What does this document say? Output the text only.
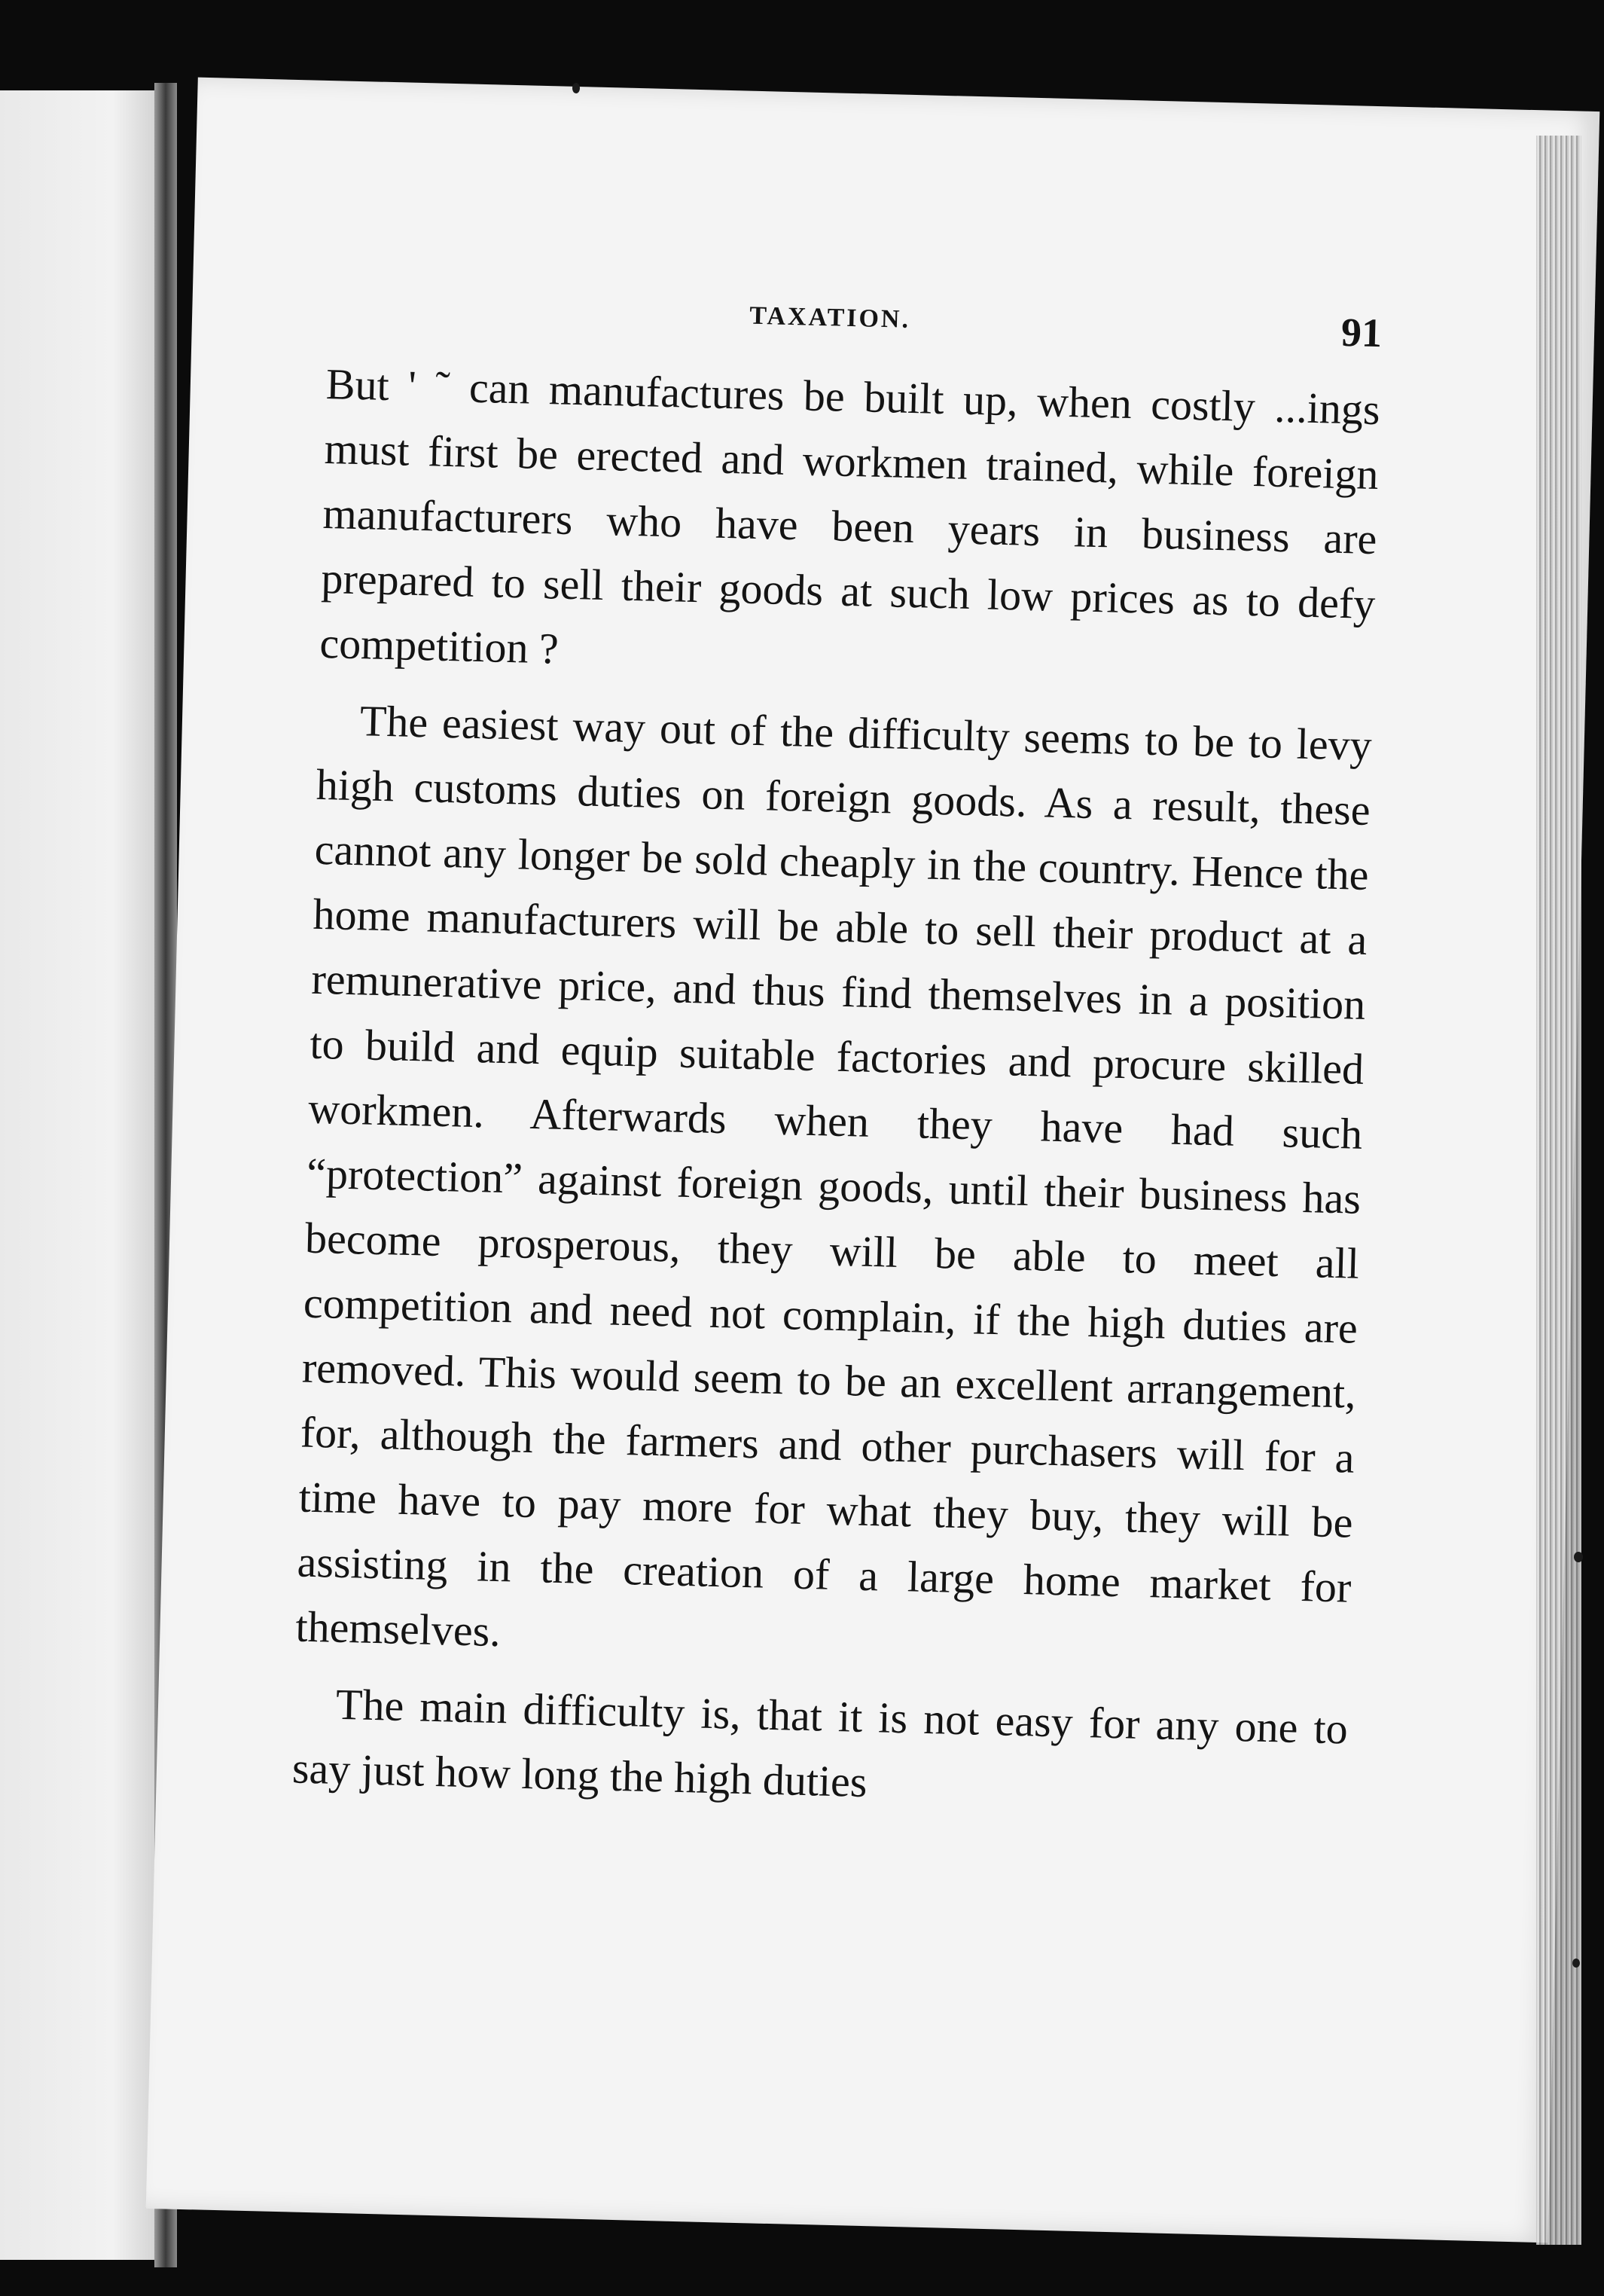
TAXATION.	91

But ' ˜ can manufactures be built up, when costly ...ings must first be erected and workmen trained, while foreign manufacturers who have been years in business are prepared to sell their goods at such low prices as to defy competition ?

The easiest way out of the difficulty seems to be to levy high customs duties on foreign goods. As a result, these cannot any longer be sold cheaply in the country. Hence the home manufacturers will be able to sell their product at a remunerative price, and thus find themselves in a position to build and equip suitable factories and procure skilled workmen. Afterwards when they have had such “protection” against foreign goods, until their business has become prosperous, they will be able to meet all competition and need not complain, if the high duties are removed. This would seem to be an excellent arrangement, for, although the farmers and other purchasers will for a time have to pay more for what they buy, they will be assisting in the creation of a large home market for themselves.

The main difficulty is, that it is not easy for any one to say just how long the high duties
